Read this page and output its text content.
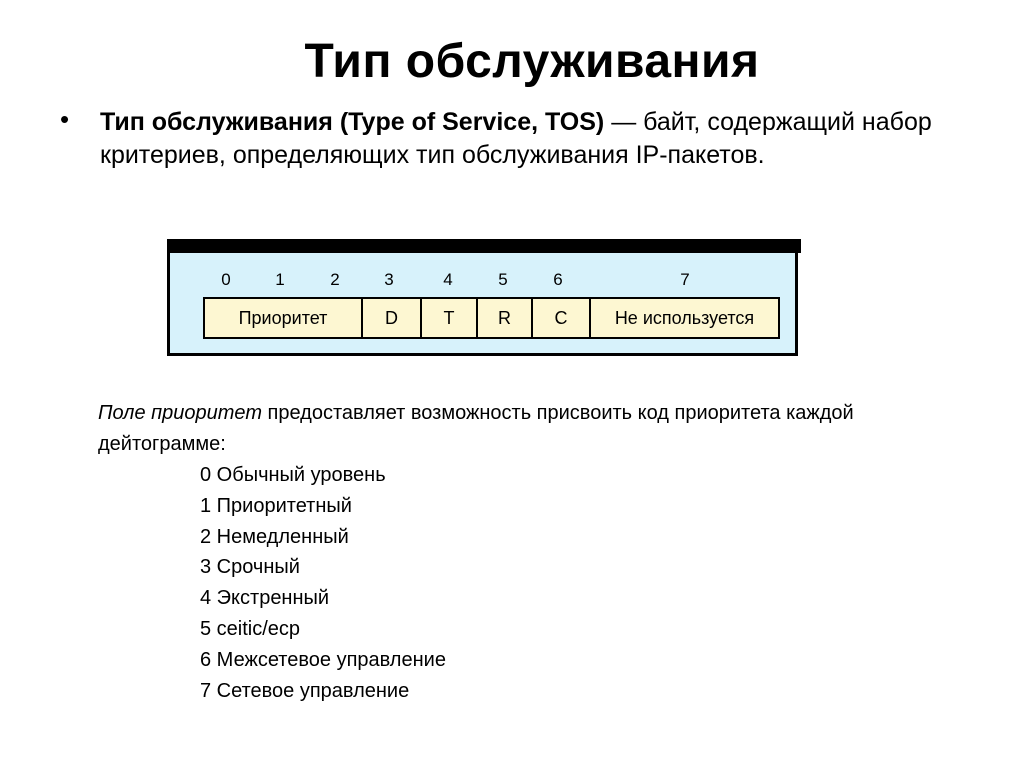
Тип обслуживания
• Тип обслуживания (Type of Service, TOS) — байт, содержащий набор критериев, определяющих тип обслуживания IP-пакетов.
0	1	2	3	4	5	6	7
Приоритет	D	T	R	C	Не используется
Поле приоритет предоставляет возможность присвоить код приоритета каждой дейтограмме:
0 Обычный уровень
1 Приоритетный
2 Немедленный
3 Срочный
4 Экстренный
5 ceitic/ecp
6 Межсетевое управление
7 Сетевое управление
